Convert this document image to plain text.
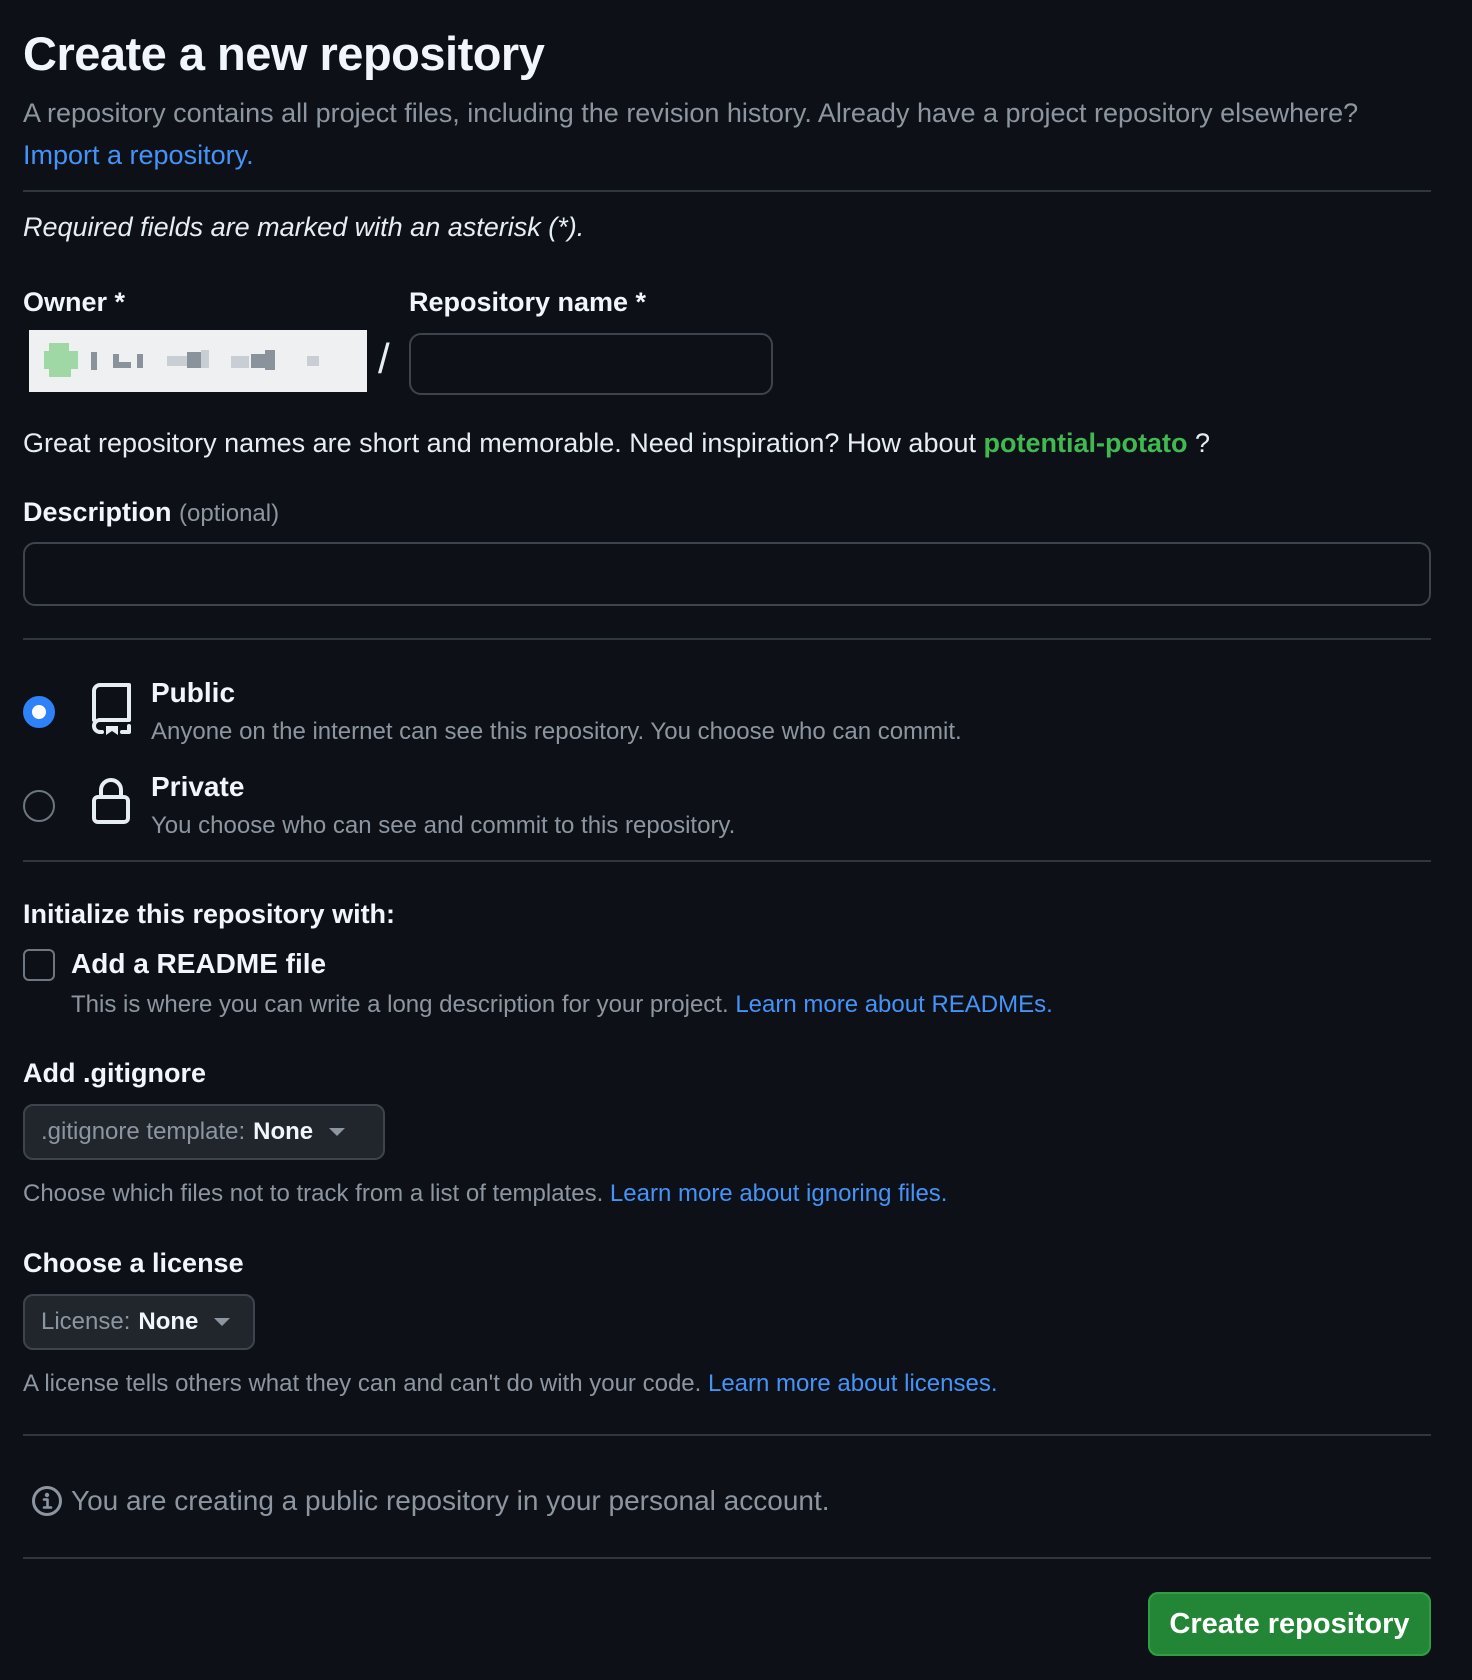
Create a new repository
A repository contains all project files, including the revision history. Already have a project repository elsewhere? Import a repository.
Required fields are marked with an asterisk (*).
Owner *	Repository name *
/
Great repository names are short and memorable. Need inspiration? How about potential-potato ?
Description (optional)
Public
Anyone on the internet can see this repository. You choose who can commit.
Private
You choose who can see and commit to this repository.
Initialize this repository with:
Add a README file
This is where you can write a long description for your project. Learn more about READMEs.
Add .gitignore
.gitignore template: None
Choose which files not to track from a list of templates. Learn more about ignoring files.
Choose a license
License: None
A license tells others what they can and can't do with your code. Learn more about licenses.
You are creating a public repository in your personal account.
Create repository
